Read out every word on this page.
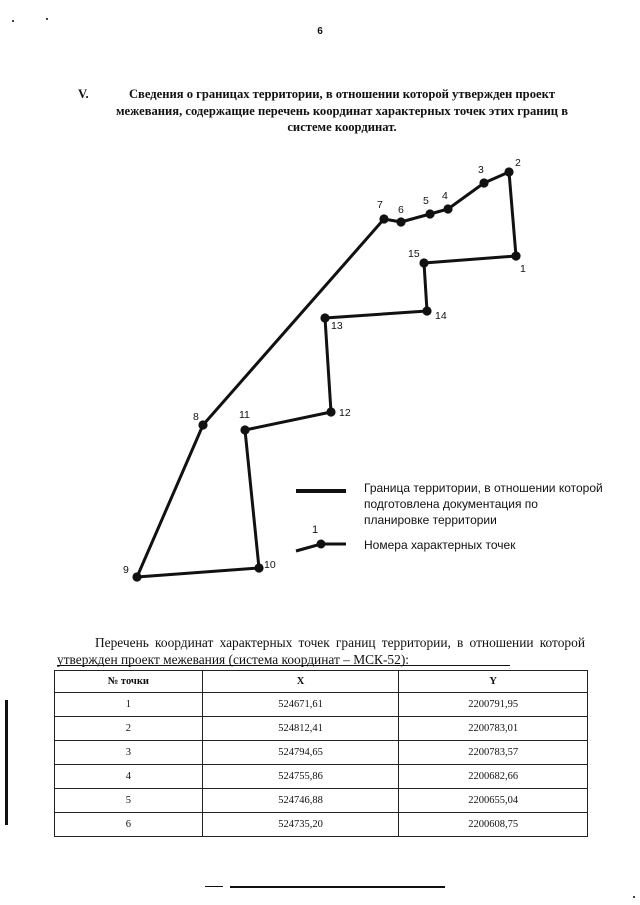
6
V.	Сведения о границах территории, в отношении которой утвержден проект межевания, содержащие перечень координат характерных точек этих границ в системе координат.
1
2
3
4
5
6
7
8
9	10
11	12
13
14
15
1
Граница территории, в отношении которой подготовлена документация по планировке территории
Номера характерных точек
Перечень координат характерных точек границ территории, в отношении которой утвержден проект межевания (система координат – МСК-52):
№ точки	X	Y
1	524671,61	2200791,95
2	524812,41	2200783,01
3	524794,65	2200783,57
4	524755,86	2200682,66
5	524746,88	2200655,04
6	524735,20	2200608,75
